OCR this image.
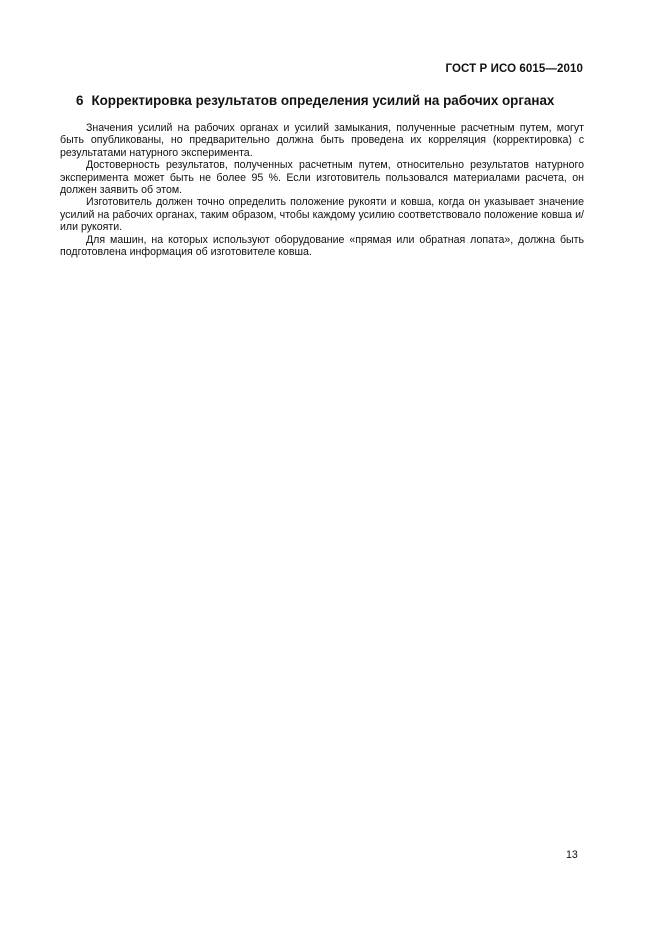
ГОСТ Р ИСО 6015—2010
6 Корректировка результатов определения усилий на рабочих органах

Значения усилий на рабочих органах и усилий замыкания, полученные расчетным путем, могут быть опубликованы, но предварительно должна быть проведена их корреляция (корректировка) с результатами натурного эксперимента.

Достоверность результатов, полученных расчетным путем, относительно результатов натурного эксперимента может быть не более 95 %. Если изготовитель пользовался материалами расчета, он должен заявить об этом.

Изготовитель должен точно определить положение рукояти и ковша, когда он указывает значение усилий на рабочих органах, таким образом, чтобы каждому усилию соответствовало положение ковша и/или рукояти.

Для машин, на которых используют оборудование «прямая или обратная лопата», должна быть подготовлена информация об изготовителе ковша.

13
